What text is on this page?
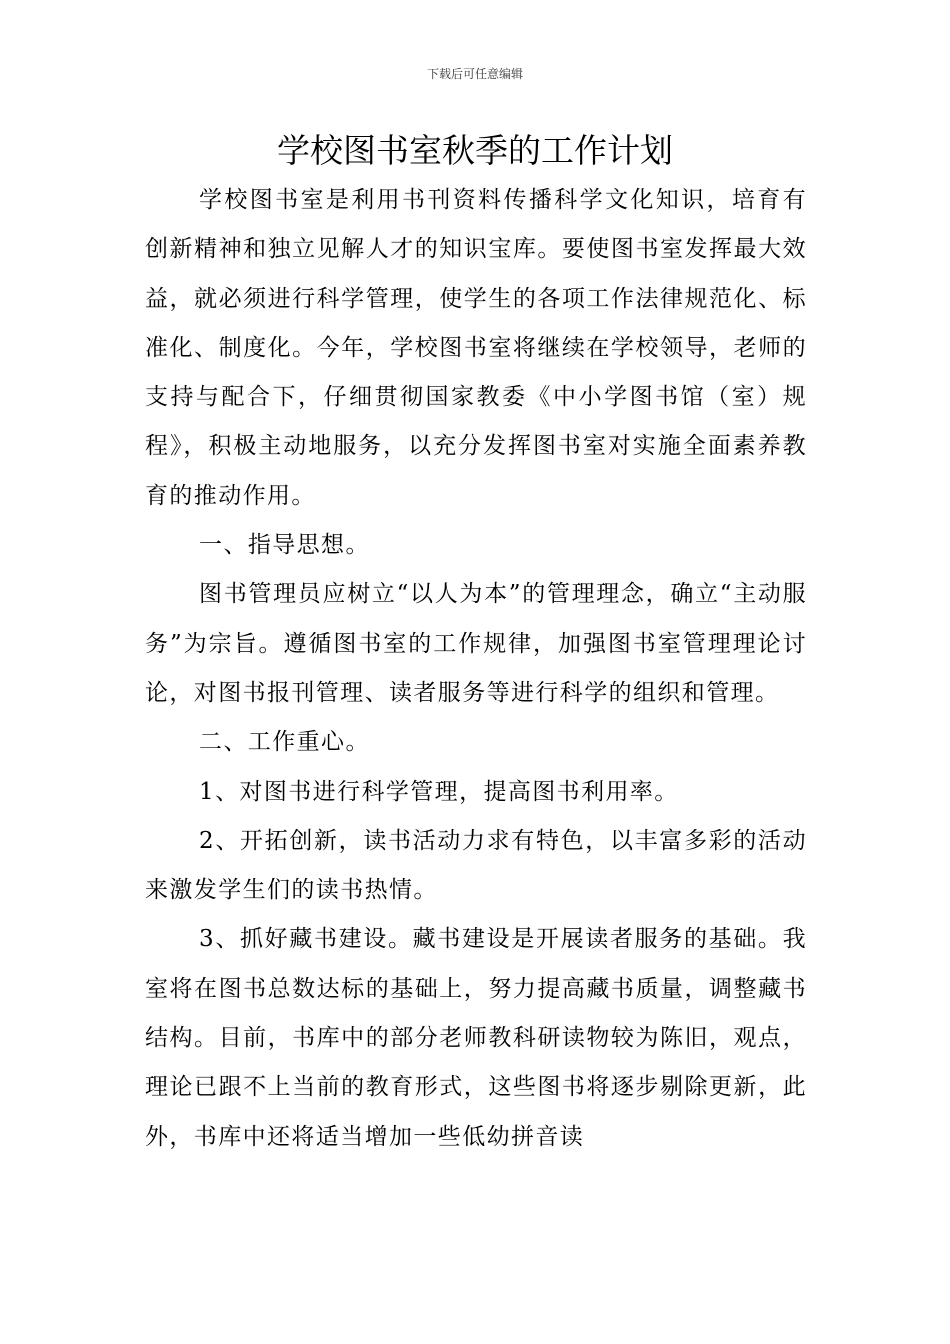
下载后可任意编辑
学校图书室秋季的工作计划

学校图书室是利用书刊资料传播科学文化知识，培育有创新精神和独立见解人才的知识宝库。要使图书室发挥最大效益，就必须进行科学管理，使学生的各项工作法律规范化、标准化、制度化。今年，学校图书室将继续在学校领导，老师的支持与配合下，仔细贯彻国家教委《中小学图书馆（室）规程》，积极主动地服务，以充分发挥图书室对实施全面素养教育的推动作用。

一、指导思想。

图书管理员应树立“以人为本”的管理理念，确立“主动服务”为宗旨。遵循图书室的工作规律，加强图书室管理理论讨论，对图书报刊管理、读者服务等进行科学的组织和管理。

二、工作重心。

1、对图书进行科学管理，提高图书利用率。

2、开拓创新，读书活动力求有特色，以丰富多彩的活动来激发学生们的读书热情。

3、抓好藏书建设。藏书建设是开展读者服务的基础。我室将在图书总数达标的基础上，努力提高藏书质量，调整藏书结构。目前，书库中的部分老师教科研读物较为陈旧，观点，理论已跟不上当前的教育形式，这些图书将逐步剔除更新，此外，书库中还将适当增加一些低幼拼音读
